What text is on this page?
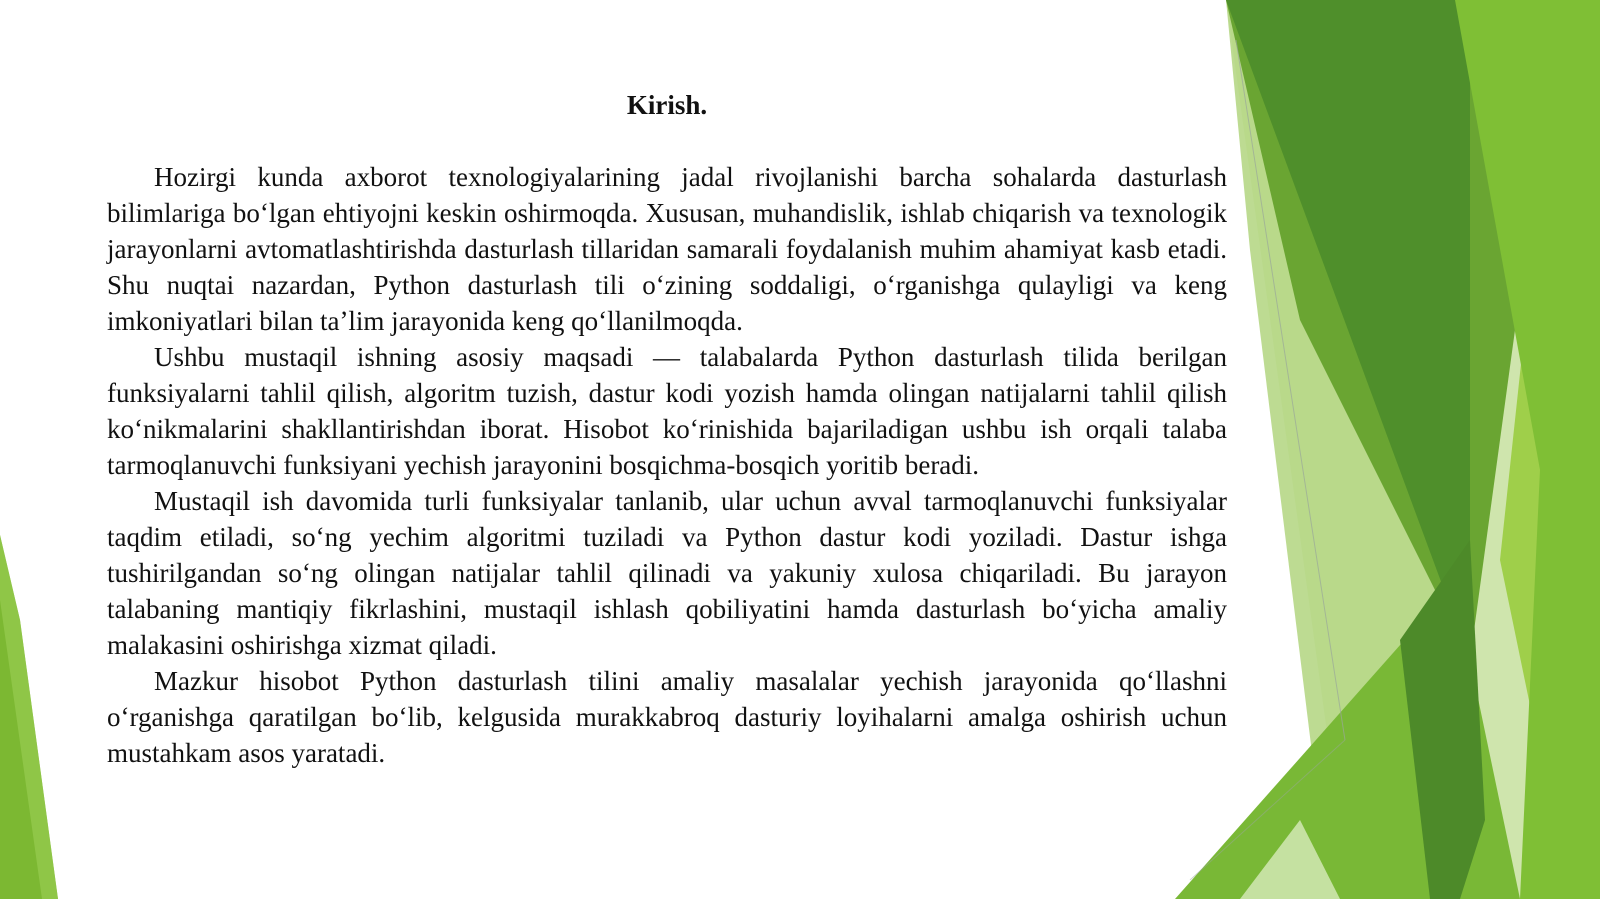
Kirish.

Hozirgi kunda axborot texnologiyalarining jadal rivojlanishi barcha sohalarda dasturlash bilimlariga boʻlgan ehtiyojni keskin oshirmoqda. Xususan, muhandislik, ishlab chiqarish va texnologik jarayonlarni avtomatlashtirishda dasturlash tillaridan samarali foydalanish muhim ahamiyat kasb etadi. Shu nuqtai nazardan, Python dasturlash tili oʻzining soddaligi, oʻrganishga qulayligi va keng imkoniyatlari bilan taʼlim jarayonida keng qoʻllanilmoqda.

Ushbu mustaqil ishning asosiy maqsadi — talabalarda Python dasturlash tilida berilgan funksiyalarni tahlil qilish, algoritm tuzish, dastur kodi yozish hamda olingan natijalarni tahlil qilish koʻnikmalarini shakllantirishdan iborat. Hisobot koʻrinishida bajariladigan ushbu ish orqali talaba tarmoqlanuvchi funksiyani yechish jarayonini bosqichma-bosqich yoritib beradi.

Mustaqil ish davomida turli funksiyalar tanlanib, ular uchun avval tarmoqlanuvchi funksiyalar taqdim etiladi, soʻng yechim algoritmi tuziladi va Python dastur kodi yoziladi. Dastur ishga tushirilgandan soʻng olingan natijalar tahlil qilinadi va yakuniy xulosa chiqariladi. Bu jarayon talabaning mantiqiy fikrlashini, mustaqil ishlash qobiliyatini hamda dasturlash boʻyicha amaliy malakasini oshirishga xizmat qiladi.

Mazkur hisobot Python dasturlash tilini amaliy masalalar yechish jarayonida qoʻllashni oʻrganishga qaratilgan boʻlib, kelgusida murakkabroq dasturiy loyihalarni amalga oshirish uchun mustahkam asos yaratadi.
